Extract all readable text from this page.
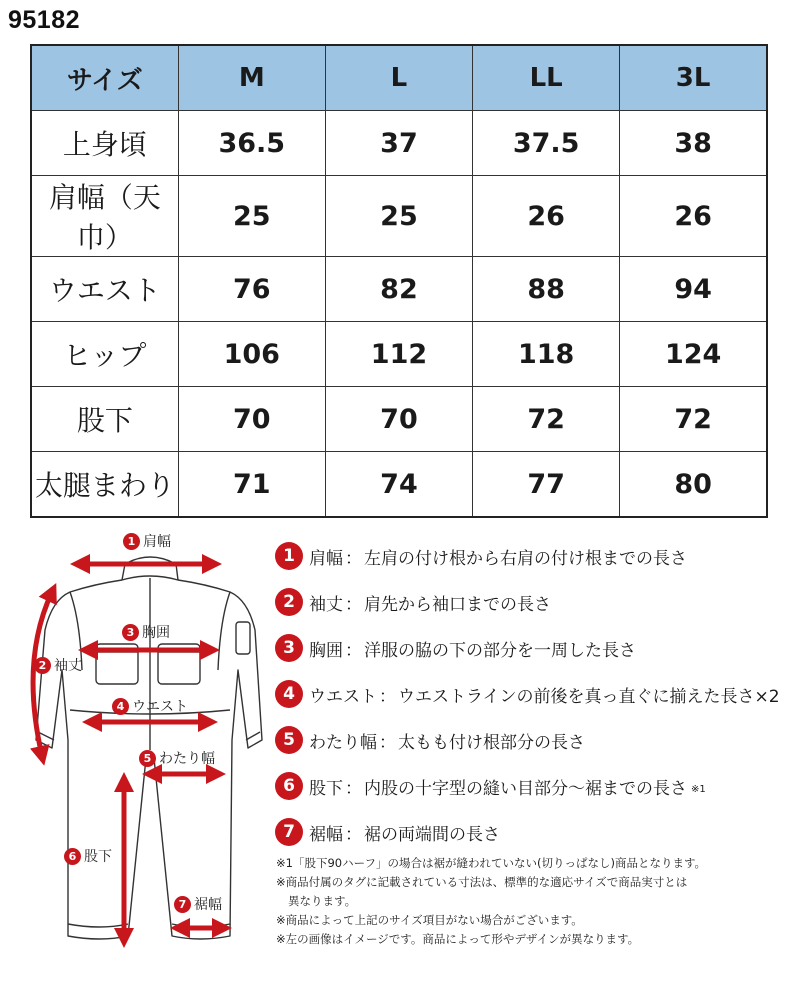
95182
サイズ	M	L	LL	3L
上身頃	36.5	37	37.5	38
肩幅（天巾）	25	25	26	26
ウエスト	76	82	88	94
ヒップ	106	112	118	124
股下	70	70	72	72
太腿まわり	71	74	77	80
1 肩幅
2 袖丈
3 胸囲
4 ウエスト
5 わたり幅
6 股下
7 裾幅
1 肩幅 ： 左肩の付け根から右肩の付け根までの長さ
2 袖丈 ： 肩先から袖口までの長さ
3 胸囲 ： 洋服の脇の下の部分を一周した長さ
4 ウエスト ： ウエストラインの前後を真っ直ぐに揃えた長さ×2
5 わたり幅 ： 太もも付け根部分の長さ
6 股下 ： 内股の十字型の縫い目部分～裾までの長さ ※1
7 裾幅 ： 裾の両端間の長さ
※1「股下90ハーフ」の場合は裾が縫われていない(切りっぱなし)商品となります。
※商品付属のタグに記載されている寸法は、標準的な適応サイズで商品実寸とは
異なります。
※商品によって上記のサイズ項目がない場合がございます。
※左の画像はイメージです。商品によって形やデザインが異なります。
